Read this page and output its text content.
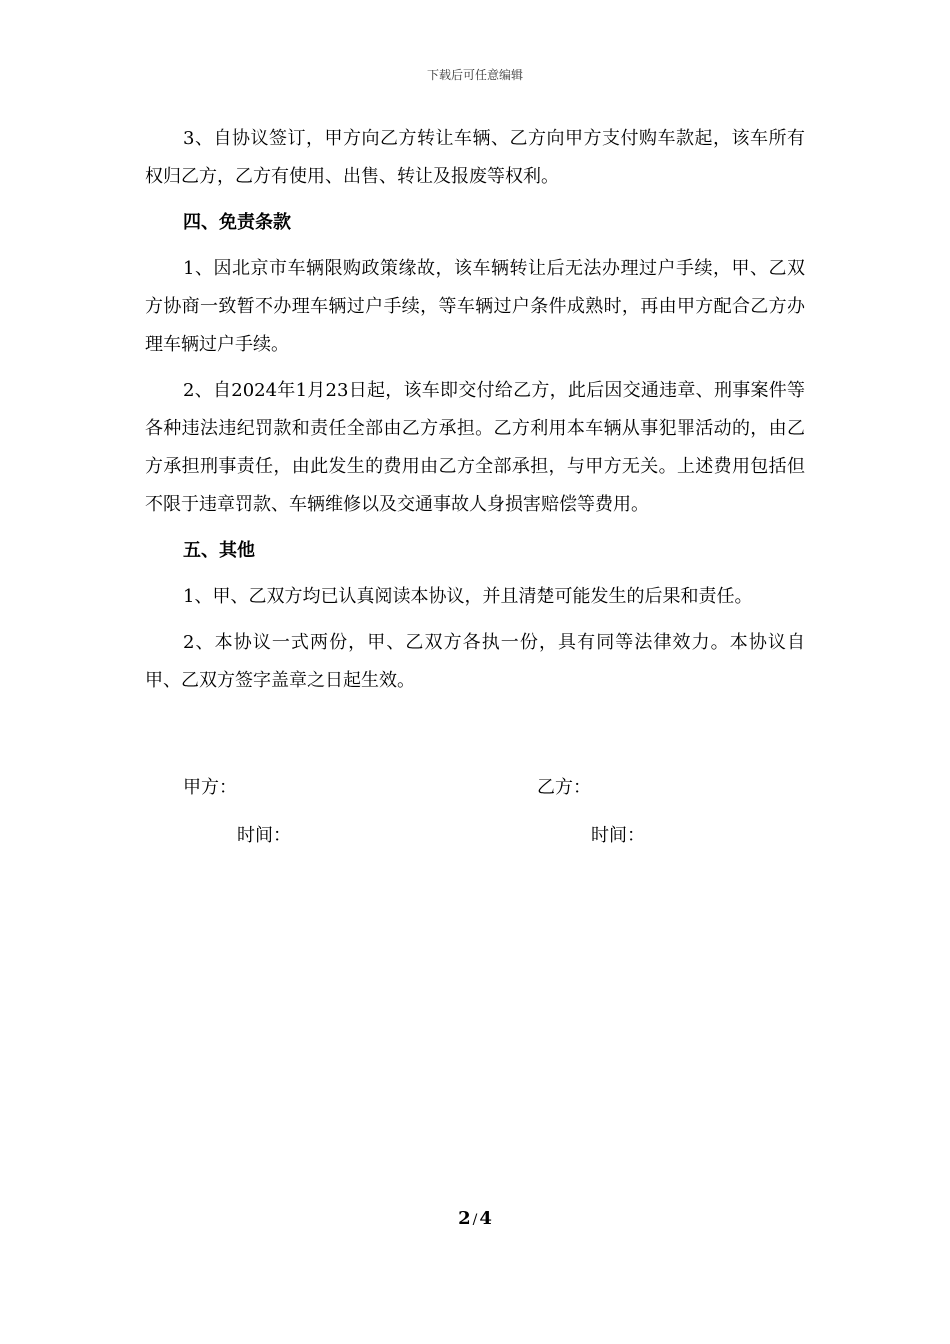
下载后可任意编辑

3、自协议签订，甲方向乙方转让车辆、乙方向甲方支付购车款起，该车所有权归乙方，乙方有使用、出售、转让及报废等权利。

四、免责条款

1、因北京市车辆限购政策缘故，该车辆转让后无法办理过户手续，甲、乙双方协商一致暂不办理车辆过户手续，等车辆过户条件成熟时，再由甲方配合乙方办理车辆过户手续。

2、自2024年1月23日起，该车即交付给乙方，此后因交通违章、刑事案件等各种违法违纪罚款和责任全部由乙方承担。乙方利用本车辆从事犯罪活动的，由乙方承担刑事责任，由此发生的费用由乙方全部承担，与甲方无关。上述费用包括但不限于违章罚款、车辆维修以及交通事故人身损害赔偿等费用。

五、其他

1、甲、乙双方均已认真阅读本协议，并且清楚可能发生的后果和责任。

2、本协议一式两份，甲、乙双方各执一份，具有同等法律效力。本协议自甲、乙双方签字盖章之日起生效。

甲方：	乙方：
时间：	时间：
2 / 4
